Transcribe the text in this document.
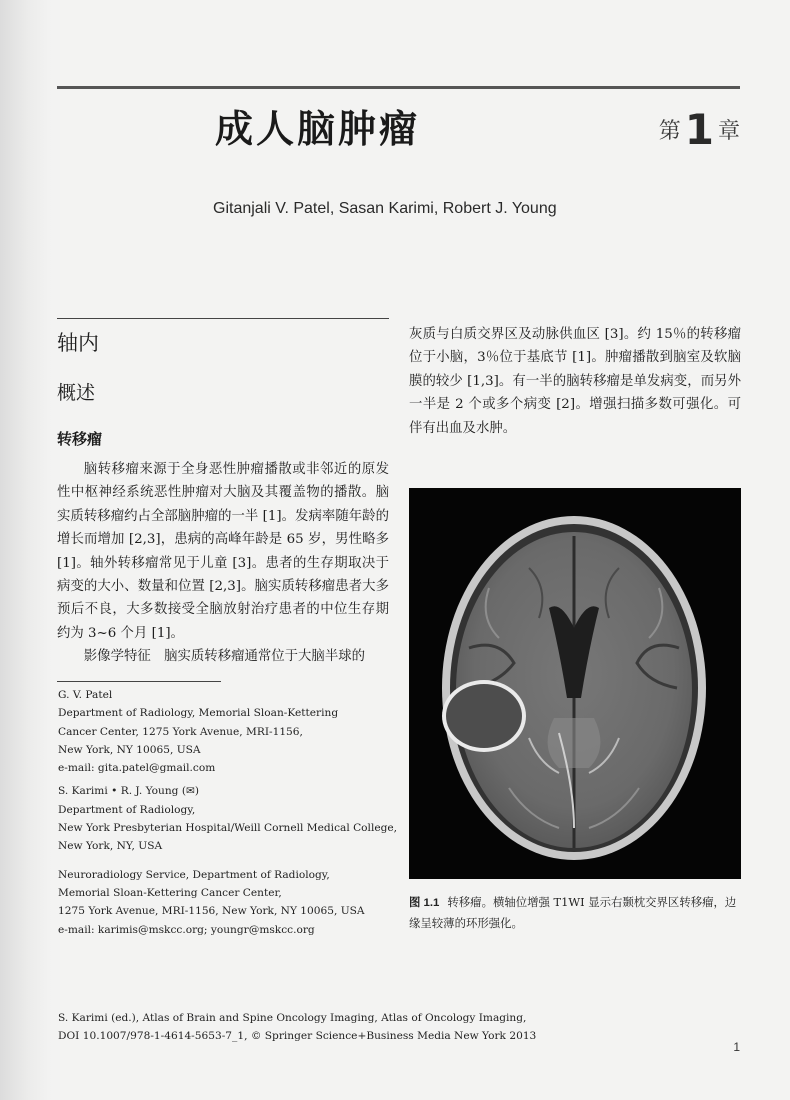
成人脑肿瘤	第1 章
Gitanjali V. Patel, Sasan Karimi, Robert J. Young
轴内
概述
转移瘤

脑转移瘤来源于全身恶性肿瘤播散或非邻近的原发性中枢神经系统恶性肿瘤对大脑及其覆盖物的播散。脑实质转移瘤约占全部脑肿瘤的一半 [1]。发病率随年龄的增长而增加 [2,3]，患病的高峰年龄是 65 岁，男性略多 [1]。轴外转移瘤常见于儿童 [3]。患者的生存期取决于病变的大小、数量和位置 [2,3]。脑实质转移瘤患者大多预后不良，大多数接受全脑放射治疗患者的中位生存期约为 3~6 个月 [1]。

影像学特征　脑实质转移瘤通常位于大脑半球的

灰质与白质交界区及动脉供血区 [3]。约 15％的转移瘤位于小脑，3％位于基底节 [1]。肿瘤播散到脑室及软脑膜的较少 [1,3]。有一半的脑转移瘤是单发病变，而另外一半是 2 个或多个病变 [2]。增强扫描多数可强化。可伴有出血及水肿。

G. V. Patel
Department of Radiology, Memorial Sloan-Kettering
Cancer Center, 1275 York Avenue, MRI-1156,
New York, NY 10065, USA
e-mail: gita.patel@gmail.com
S. Karimi • R. J. Young (✉)
Department of Radiology,
New York Presbyterian Hospital/Weill Cornell Medical College,
New York, NY, USA
Neuroradiology Service, Department of Radiology,
Memorial Sloan-Kettering Cancer Center,
1275 York Avenue, MRI-1156, New York, NY 10065, USA
e-mail: karimis@mskcc.org; youngr@mskcc.org
图 1.1 转移瘤。横轴位增强 T1WI 显示右颞枕交界区转移瘤，边缘呈较薄的环形强化。
S. Karimi (ed.), Atlas of Brain and Spine Oncology Imaging, Atlas of Oncology Imaging,
DOI 10.1007/978-1-4614-5653-7_1, © Springer Science+Business Media New York 2013
1
